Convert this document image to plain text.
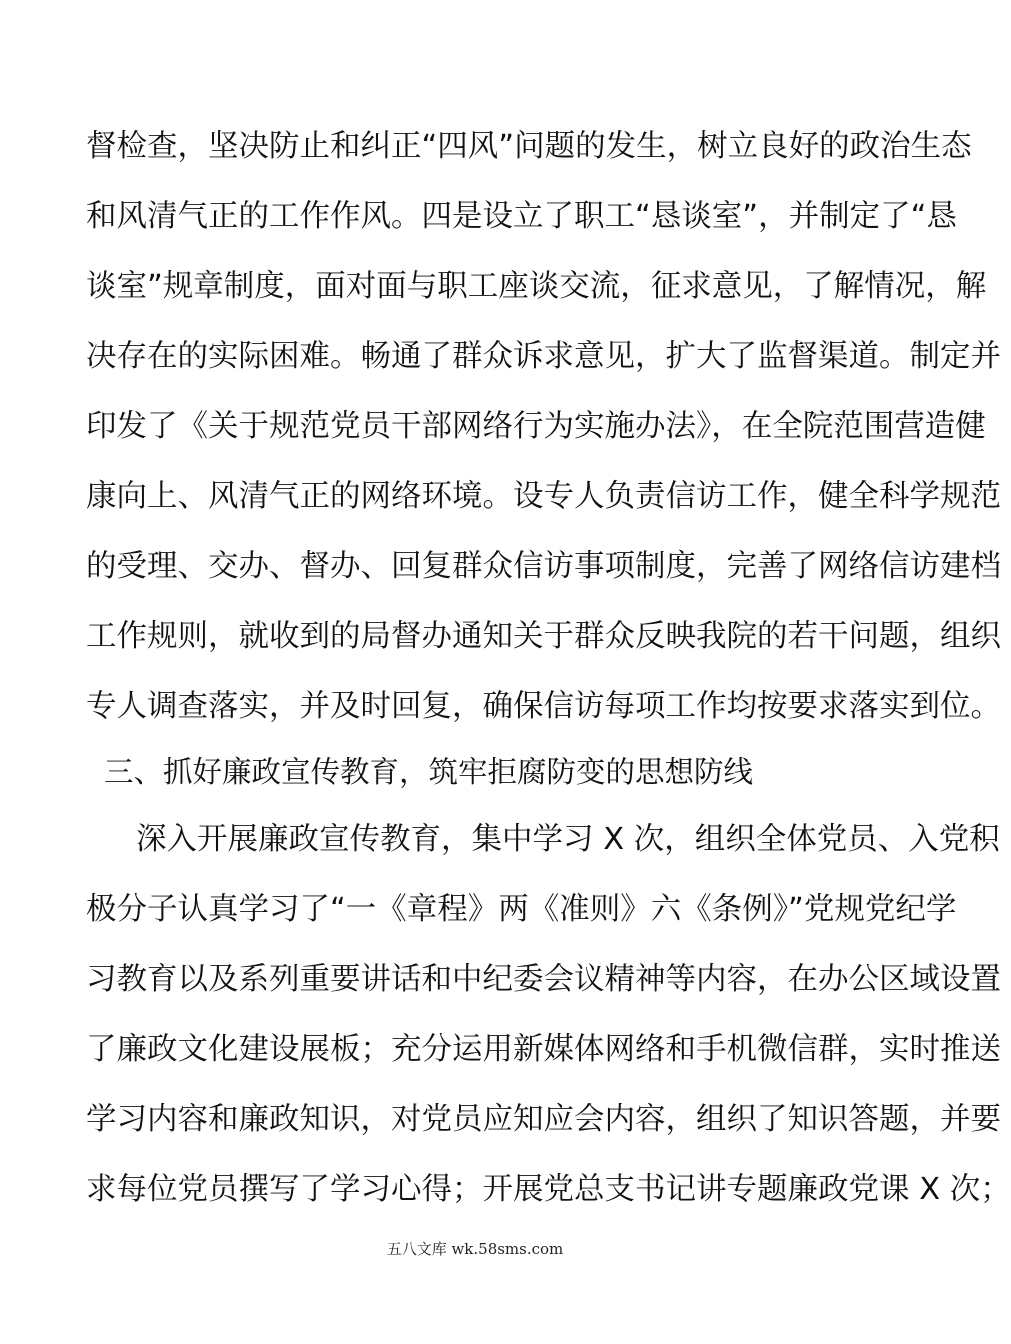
督检查，坚决防止和纠正“四风”问题的发生，树立良好的政治生态
和风清气正的工作作风。四是设立了职工“恳谈室”，并制定了“恳
谈室”规章制度，面对面与职工座谈交流，征求意见，了解情况，解
决存在的实际困难。畅通了群众诉求意见，扩大了监督渠道。制定并
印发了《关于规范党员干部网络行为实施办法》，在全院范围营造健
康向上、风清气正的网络环境。设专人负责信访工作，健全科学规范
的受理、交办、督办、回复群众信访事项制度，完善了网络信访建档
工作规则，就收到的局督办通知关于群众反映我院的若干问题，组织
专人调查落实，并及时回复，确保信访每项工作均按要求落实到位。
三、抓好廉政宣传教育，筑牢拒腐防变的思想防线
深入开展廉政宣传教育，集中学习 X 次，组织全体党员、入党积
极分子认真学习了“一《章程》两《准则》六《条例》”党规党纪学
习教育以及系列重要讲话和中纪委会议精神等内容，在办公区域设置
了廉政文化建设展板；充分运用新媒体网络和手机微信群，实时推送
学习内容和廉政知识，对党员应知应会内容，组织了知识答题，并要
求每位党员撰写了学习心得；开展党总支书记讲专题廉政党课 X 次；
五八文库 wk.58sms.com
